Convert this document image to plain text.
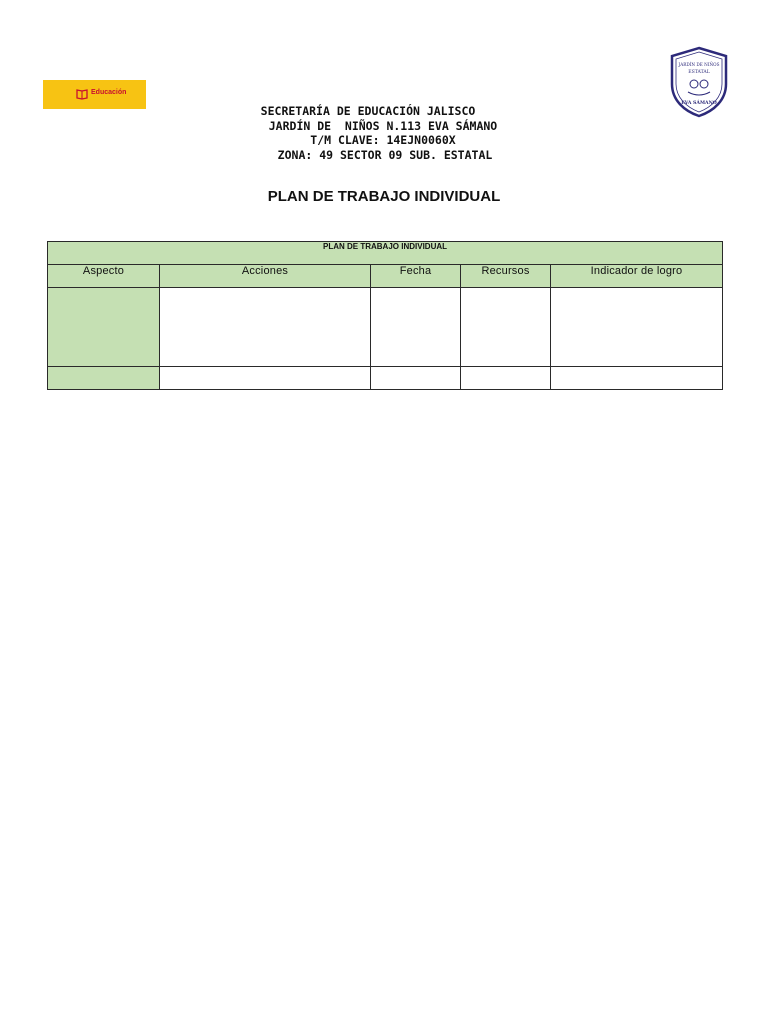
Educación
JARDÍN DE NIÑOS
ESTATAL
EVA SÁMANO
SECRETARÍA DE EDUCACIÓN JALISCO
JARDÍN DE  NIÑOS N.113 EVA SÁMANO
T/M CLAVE: 14EJN0060X
ZONA: 49 SECTOR 09 SUB. ESTATAL
PLAN DE TRABAJO INDIVIDUAL
PLAN DE TRABAJO INDIVIDUAL				
Aspecto	Acciones	Fecha	Recursos	Indicador de logro
